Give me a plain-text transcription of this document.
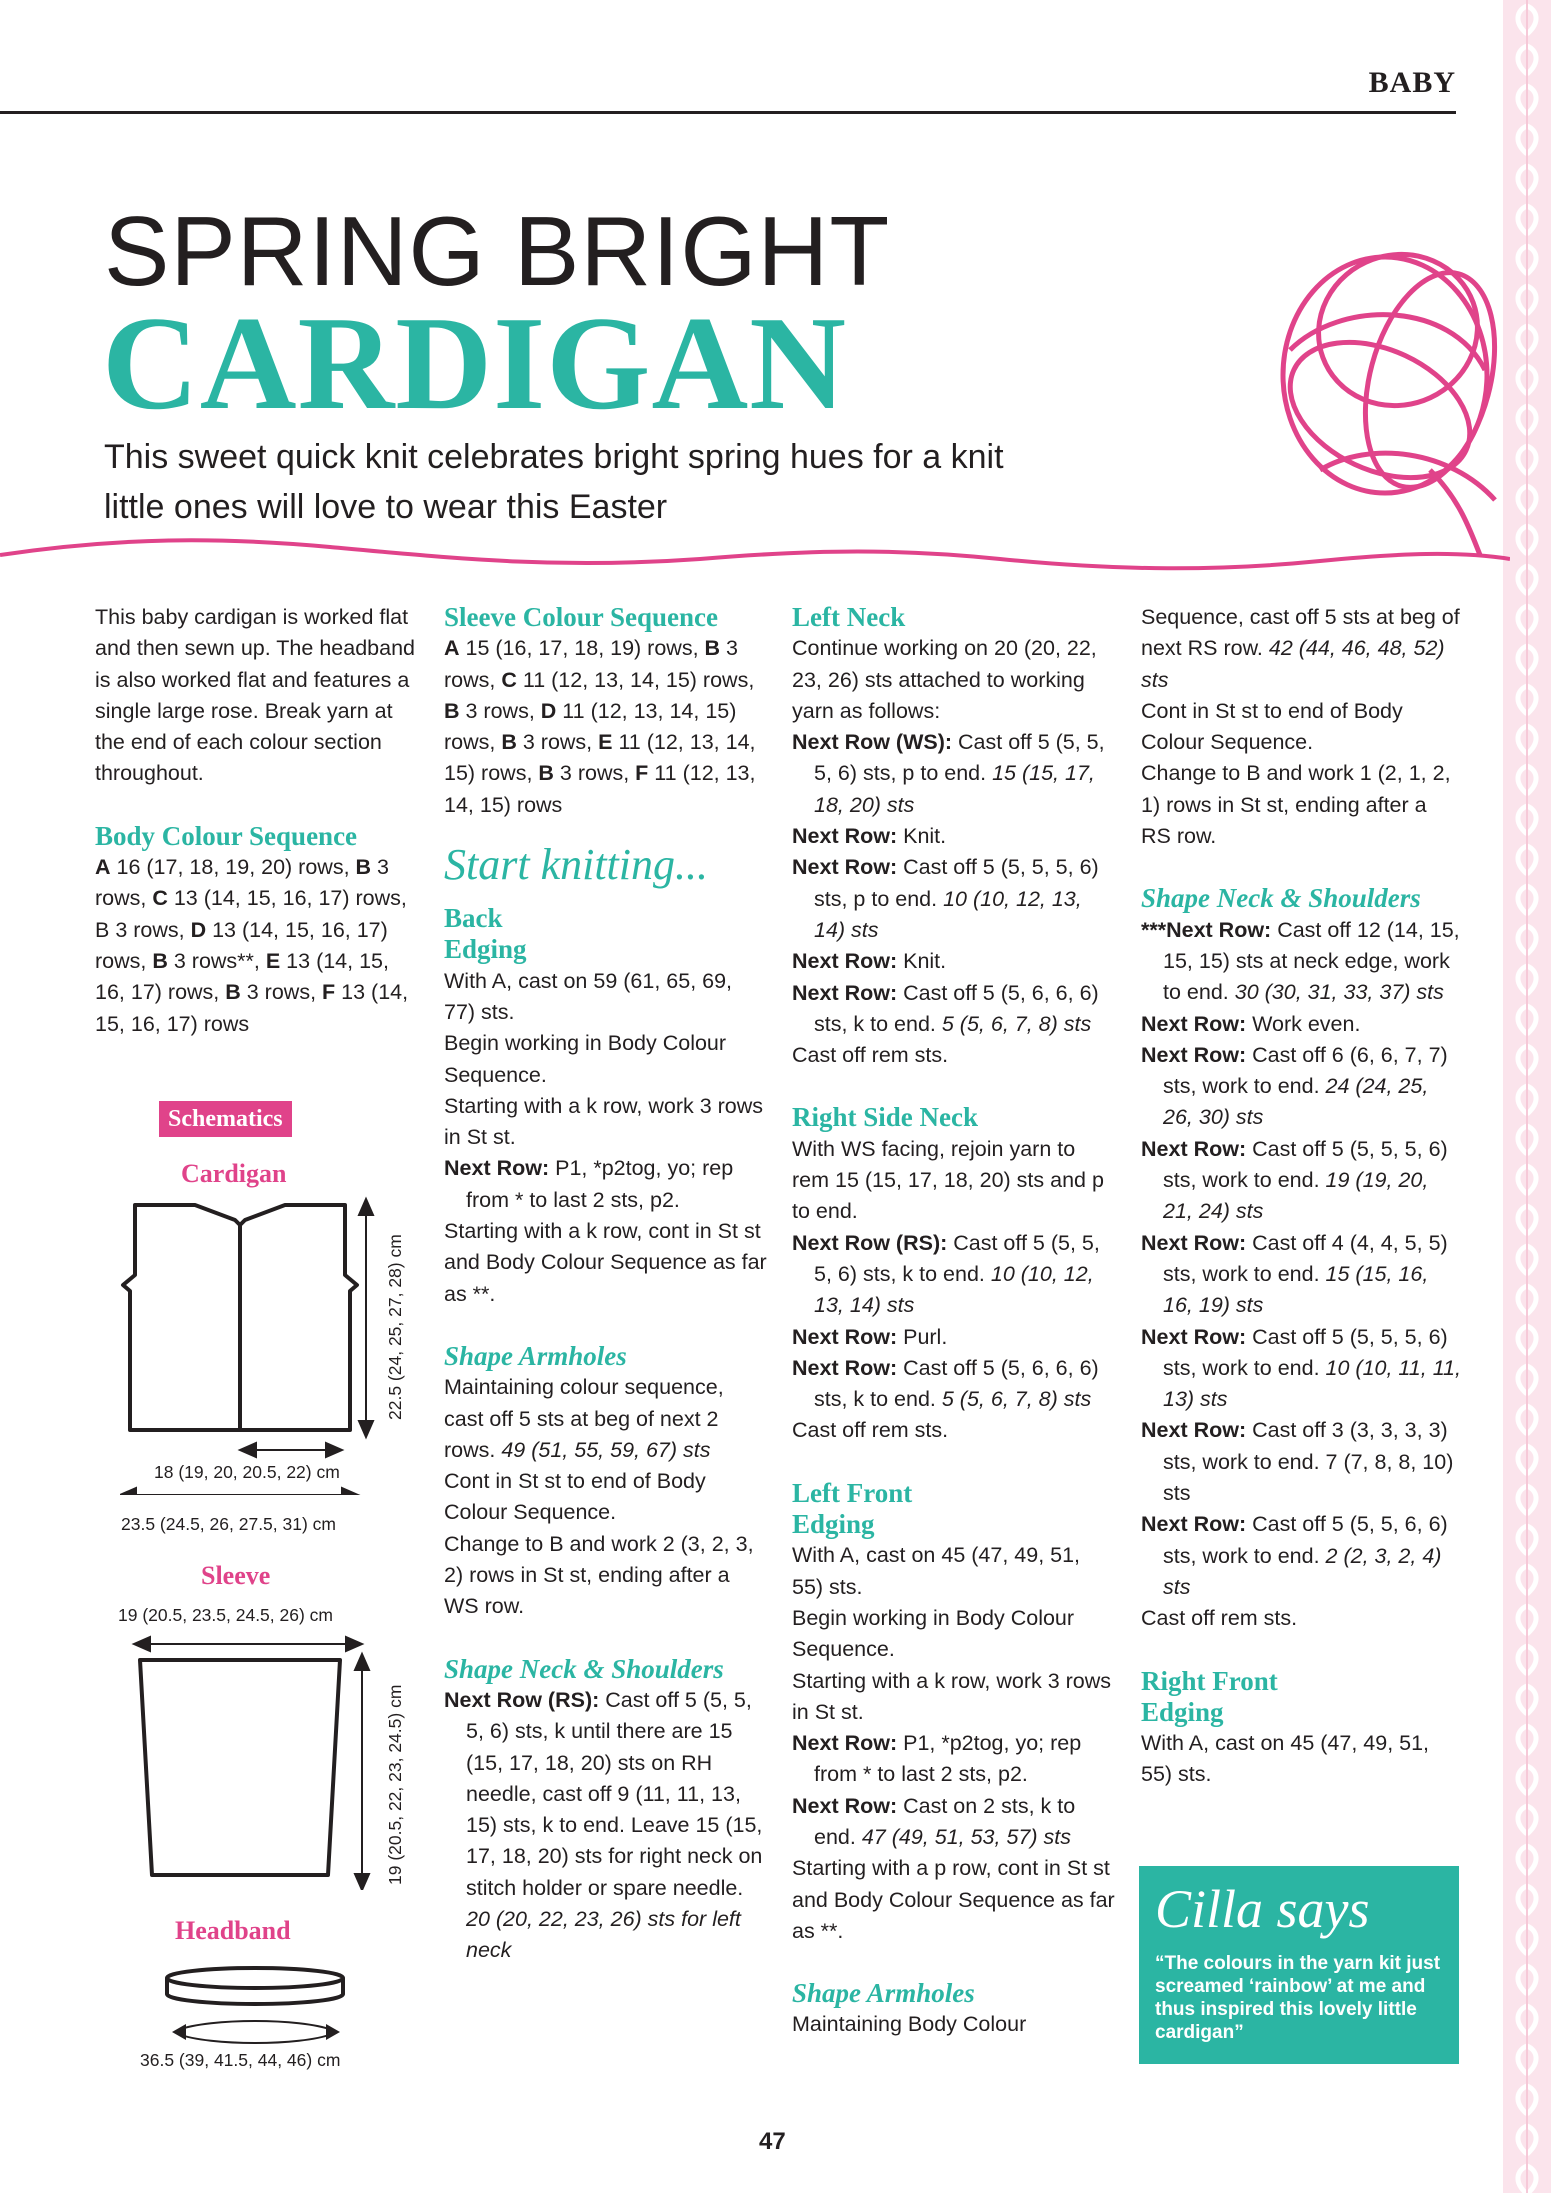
BABY
SPRING BRIGHT
CARDIGAN
This sweet quick knit celebrates bright spring hues for a knit little ones will love to wear this Easter

This baby cardigan is worked flat and then sewn up. The headband is also worked flat and features a single large rose. Break yarn at the end of each colour section throughout.

Body Colour Sequence

A 16 (17, 18, 19, 20) rows, B 3 rows, C 13 (14, 15, 16, 17) rows, B 3 rows, D 13 (14, 15, 16, 17) rows, B 3 rows**, E 13 (14, 15, 16, 17) rows, B 3 rows, F 13 (14, 15, 16, 17) rows

Schematics
Cardigan
22.5 (24, 25, 27, 28) cm
18 (19, 20, 20.5, 22) cm
23.5 (24.5, 26, 27.5, 31) cm
Sleeve
19 (20.5, 23.5, 24.5, 26) cm
19 (20.5, 22, 23, 24.5) cm
Headband
36.5 (39, 41.5, 44, 46) cm

Sleeve Colour Sequence

A 15 (16, 17, 18, 19) rows, B 3 rows, C 11 (12, 13, 14, 15) rows, B 3 rows, D 11 (12, 13, 14, 15) rows, B 3 rows, E 11 (12, 13, 14, 15) rows, B 3 rows, F 11 (12, 13, 14, 15) rows

Start knitting...

Back

Edging

With A, cast on 59 (61, 65, 69, 77) sts.

Begin working in Body Colour Sequence.

Starting with a k row, work 3 rows in St st.

Next Row: P1, *p2tog, yo; rep from * to last 2 sts, p2.

Starting with a k row, cont in St st and Body Colour Sequence as far as **.

Shape Armholes

Maintaining colour sequence, cast off 5 sts at beg of next 2 rows. 49 (51, 55, 59, 67) sts

Cont in St st to end of Body Colour Sequence.

Change to B and work 2 (3, 2, 3, 2) rows in St st, ending after a WS row.

Shape Neck & Shoulders

Next Row (RS): Cast off 5 (5, 5, 5, 6) sts, k until there are 15 (15, 17, 18, 20) sts on RH needle, cast off 9 (11, 11, 13, 15) sts, k to end. Leave 15 (15, 17, 18, 20) sts for right neck on stitch holder or spare needle. 20 (20, 22, 23, 26) sts for left neck

Left Neck

Continue working on 20 (20, 22, 23, 26) sts attached to working yarn as follows:

Next Row (WS): Cast off 5 (5, 5, 5, 6) sts, p to end. 15 (15, 17, 18, 20) sts

Next Row: Knit.

Next Row: Cast off 5 (5, 5, 5, 6) sts, p to end. 10 (10, 12, 13, 14) sts

Next Row: Knit.

Next Row: Cast off 5 (5, 6, 6, 6) sts, k to end. 5 (5, 6, 7, 8) sts

Cast off rem sts.

Right Side Neck

With WS facing, rejoin yarn to rem 15 (15, 17, 18, 20) sts and p to end.

Next Row (RS): Cast off 5 (5, 5, 5, 6) sts, k to end. 10 (10, 12, 13, 14) sts

Next Row: Purl.

Next Row: Cast off 5 (5, 6, 6, 6) sts, k to end. 5 (5, 6, 7, 8) sts

Cast off rem sts.

Left Front

Edging

With A, cast on 45 (47, 49, 51, 55) sts.

Begin working in Body Colour Sequence.

Starting with a k row, work 3 rows in St st.

Next Row: P1, *p2tog, yo; rep from * to last 2 sts, p2.

Next Row: Cast on 2 sts, k to end. 47 (49, 51, 53, 57) sts

Starting with a p row, cont in St st and Body Colour Sequence as far as **.

Shape Armholes

Maintaining Body Colour

Sequence, cast off 5 sts at beg of next RS row. 42 (44, 46, 48, 52) sts

Cont in St st to end of Body Colour Sequence.

Change to B and work 1 (2, 1, 2, 1) rows in St st, ending after a RS row.

Shape Neck & Shoulders

***Next Row: Cast off 12 (14, 15, 15, 15) sts at neck edge, work to end. 30 (30, 31, 33, 37) sts

Next Row: Work even.

Next Row: Cast off 6 (6, 6, 7, 7) sts, work to end. 24 (24, 25, 26, 30) sts

Next Row: Cast off 5 (5, 5, 5, 6) sts, work to end. 19 (19, 20, 21, 24) sts

Next Row: Cast off 4 (4, 4, 5, 5) sts, work to end. 15 (15, 16, 16, 19) sts

Next Row: Cast off 5 (5, 5, 5, 6) sts, work to end. 10 (10, 11, 11, 13) sts

Next Row: Cast off 3 (3, 3, 3, 3) sts, work to end. 7 (7, 8, 8, 10) sts

Next Row: Cast off 5 (5, 5, 6, 6) sts, work to end. 2 (2, 3, 2, 4) sts

Cast off rem sts.

Right Front

Edging

With A, cast on 45 (47, 49, 51, 55) sts.

Cilla says
“The colours in the yarn kit just screamed ‘rainbow’ at me and thus inspired this lovely little cardigan”
47
